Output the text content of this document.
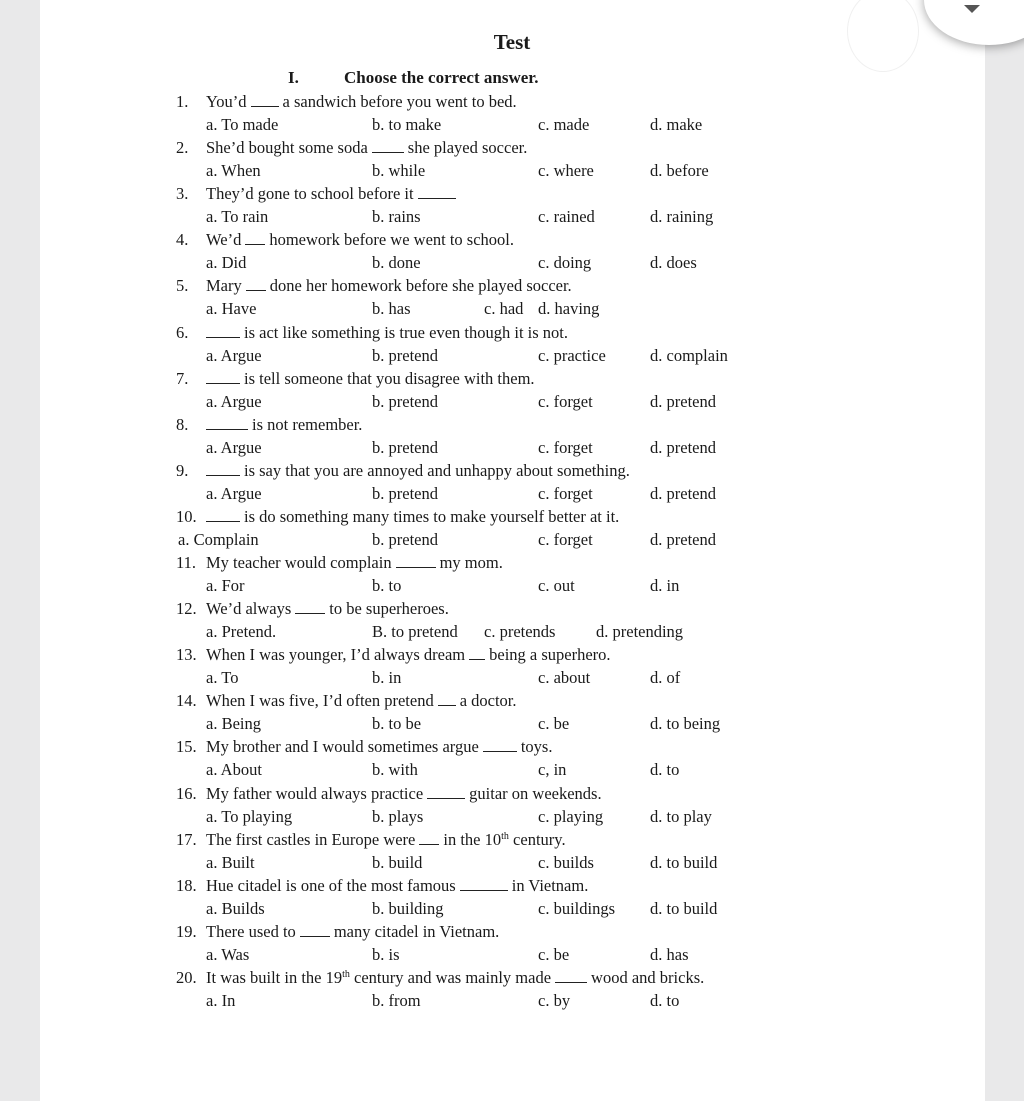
Test
I.	Choose the correct answer.
1. You’d a sandwich before you went to bed.
a. To made	b. to make	c. made	d. make
2. She’d bought some soda she played soccer.
a. When	b. while	c. where	d. before
3. They’d gone to school before it
a. To rain	b. rains	c. rained	d. raining
4. We’d homework before we went to school.
a. Did	b. done	c. doing	d. does
5. Mary done her homework before she played soccer.
a. Have	b. has	c. had d. having
6.	is act like something is true even though it is not.
a. Argue	b. pretend	c. practice	d. complain
7.	is tell someone that you disagree with them.
a. Argue	b. pretend	c. forget	d. pretend
8.	is not remember.
a. Argue	b. pretend	c. forget	d. pretend
9.	is say that you are annoyed and unhappy about something.
a. Argue	b. pretend	c. forget	d. pretend
10.	is do something many times to make yourself better at it.
a. Complain	b. pretend	c. forget	d. pretend
11. My teacher would complain	my mom.
a. For	b. to	c. out	d. in
12. We’d always to be superheroes.
a. Pretend.	B. to pretend c. pretends d. pretending
13. When I was younger, I’d always dream being a superhero.
a. To	b. in	c. about	d. of
14. When I was five, I’d often pretend a doctor.
a. Being	b. to be	c. be	d. to being
15. My brother and I would sometimes argue	toys.
a. About	b. with	c, in	d. to
16. My father would always practice	guitar on weekends.
a. To playing	b. plays	c. playing	d. to play
17. The first castles in Europe were in the 10th century.
a. Built	b. build	c. builds	d. to build
18. Hue citadel is one of the most famous	in Vietnam.
a. Builds	b. building	c. buildings d. to build
19. There used to many citadel in Vietnam.
a. Was	b. is	c. be	d. has
20. It was built in the 19th century and was mainly made wood and bricks.
a. In	b. from	c. by	d. to
